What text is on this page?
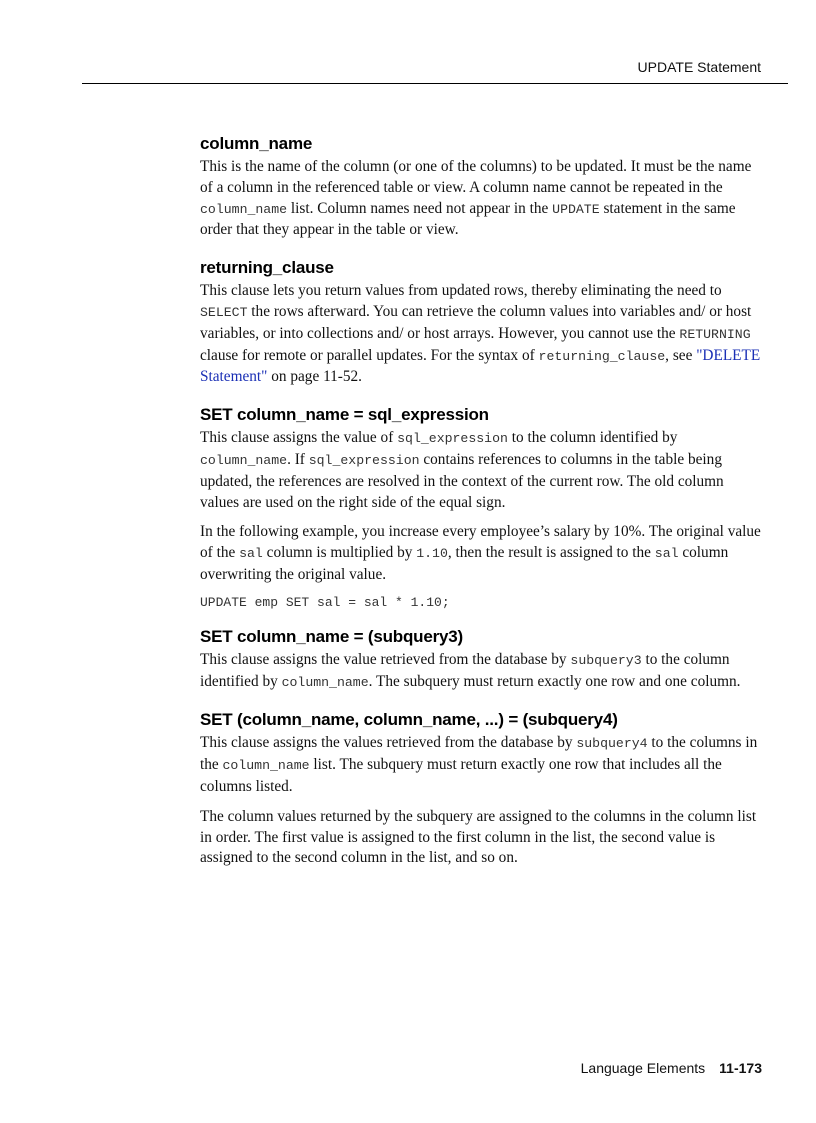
UPDATE Statement
column_name

This is the name of the column (or one of the columns) to be updated. It must be the name of a column in the referenced table or view. A column name cannot be repeated in the column_name list. Column names need not appear in the UPDATE statement in the same order that they appear in the table or view.

returning_clause

This clause lets you return values from updated rows, thereby eliminating the need to SELECT the rows afterward. You can retrieve the column values into variables and/ or host variables, or into collections and/ or host arrays. However, you cannot use the RETURNING clause for remote or parallel updates. For the syntax of returning_clause, see "DELETE Statement" on page 11-52.

SET column_name = sql_expression

This clause assigns the value of sql_expression to the column identified by column_name. If sql_expression contains references to columns in the table being updated, the references are resolved in the context of the current row. The old column values are used on the right side of the equal sign.

In the following example, you increase every employee’s salary by 10%. The original value of the sal column is multiplied by 1.10, then the result is assigned to the sal column overwriting the original value.

UPDATE emp SET sal = sal * 1.10;
SET column_name = (subquery3)

This clause assigns the value retrieved from the database by subquery3 to the column identified by column_name. The subquery must return exactly one row and one column.

SET (column_name, column_name, ...) = (subquery4)

This clause assigns the values retrieved from the database by subquery4 to the columns in the column_name list. The subquery must return exactly one row that includes all the columns listed.

The column values returned by the subquery are assigned to the columns in the column list in order. The first value is assigned to the first column in the list, the second value is assigned to the second column in the list, and so on.

Language Elements 11-173
